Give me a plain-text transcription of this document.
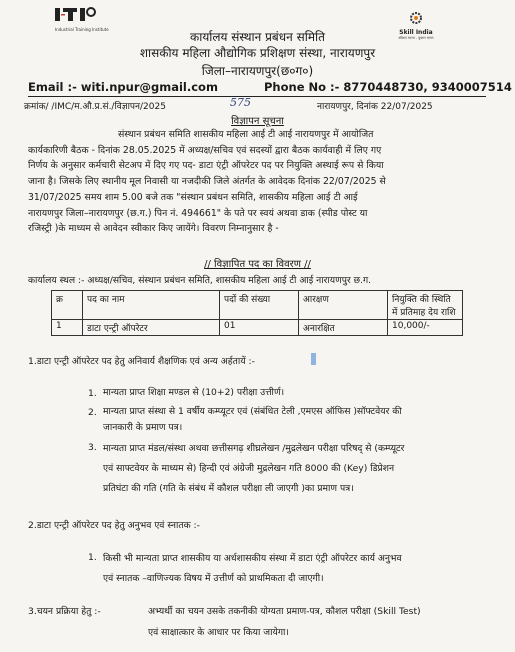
Industrial Training Institute	Skill India
कौशल भारत - कुशल भारत
कार्यालय संस्थान प्रबंधन समिति
शासकीय महिला औद्योगिक प्रशिक्षण संस्था, नारायणपुर
जिला–नारायणपुर(छ०ग०)
Email :- witi.npur@gmail.com	Phone No :- 8770448730, 9340007514
क्रमांक/ /IMC/म.औ.प्र.सं./विज्ञापन/2025	575	नारायणपुर, दिनांक 22/07/2025
विज्ञापन सूचना
संस्थान प्रबंधन समिति शासकीय महिला आई टी आई नारायणपुर में आयोजित
कार्यकारिणी बैठक - दिनांक 28.05.2025 में अध्यक्ष/सचिव एवं सदस्यों द्वारा बैठक कार्यवाही में लिए गए
निर्णय के अनुसार कर्मचारी सेटअप में दिए गए पद- डाटा एंट्री ऑपरेटर पद पर नियुक्ति अस्थाई रूप से किया
जाना है। जिसके लिए स्थानीय मूल निवासी या नजदीकी जिले अंतर्गत के आवेदक दिनांक 22/07/2025 से
31/07/2025 समय शाम 5.00 बजे तक "संस्थान प्रबंधन समिति, शासकीय महिला आई टी आई
नारायणपुर जिला–नारायणपुर (छ.ग.) पिन नं. 494661" के पते पर स्वयं अथवा डाक (स्पीड पोस्ट या
रजिस्ट्री )के माध्यम से आवेदन स्वीकार किए जायेंगे। विवरण निम्नानुसार है -
// विज्ञापित पद का विवरण //
कार्यालय स्थल :- अध्यक्ष/सचिव, संस्थान प्रबंधन समिति, शासकीय महिला आई टी आई नारायणपुर छ.ग.
क्र	पद का नाम	पदों की संख्या	आरक्षण	नियुक्ति की स्थिति में प्रतिमाह देय राशि
1	डाटा एन्ट्री ऑपरेटर	01	अनारक्षित	10,000/-
1.डाटा एन्ट्री ऑपरेटर पद हेतु अनिवार्य शैक्षणिक एवं अन्य अर्हतायें :-
1. मान्यता प्राप्त शिक्षा मण्डल से (10+2) परीक्षा उत्तीर्ण।
2. मान्यता प्राप्त संस्था से 1 वर्षीय कम्प्यूटर एवं (संबंधित टेली ,एमएस ऑफिस )सॉफ्टवेयर की
जानकारी के प्रमाण पत्र।
3. मान्यता प्राप्त मंडल/संस्था अथवा छत्तीसगढ़ शीघ्रलेखन /मुद्रलेखन परीक्षा परिषद् से (कम्प्यूटर
एवं साफ्टवेयर के माध्यम से) हिन्दी एवं अंग्रेजी मुद्रलेखन गति 8000 की (Key) डिप्रेशन
प्रतिघंटा की गति (गति के संबंध में कौशल परीक्षा ली जाएगी )का प्रमाण पत्र।
2.डाटा एन्ट्री ऑपरेटर पद हेतु अनुभव एवं स्नातक :-
1. किसी भी मान्यता प्राप्त शासकीय या अर्धशासकीय संस्था में डाटा एंट्री ऑपरेटर कार्य अनुभव
एवं स्नातक –वाणिज्यक विषय में उत्तीर्ण को प्राथमिकता दी जाएगी।
3.चयन प्रक्रिया हेतु :-	अभ्यर्थी का चयन उसके तकनीकी योग्यता प्रमाण-पत्र, कौशल परीक्षा (Skill Test)
एवं साक्षात्कार के आधार पर किया जायेगा।
